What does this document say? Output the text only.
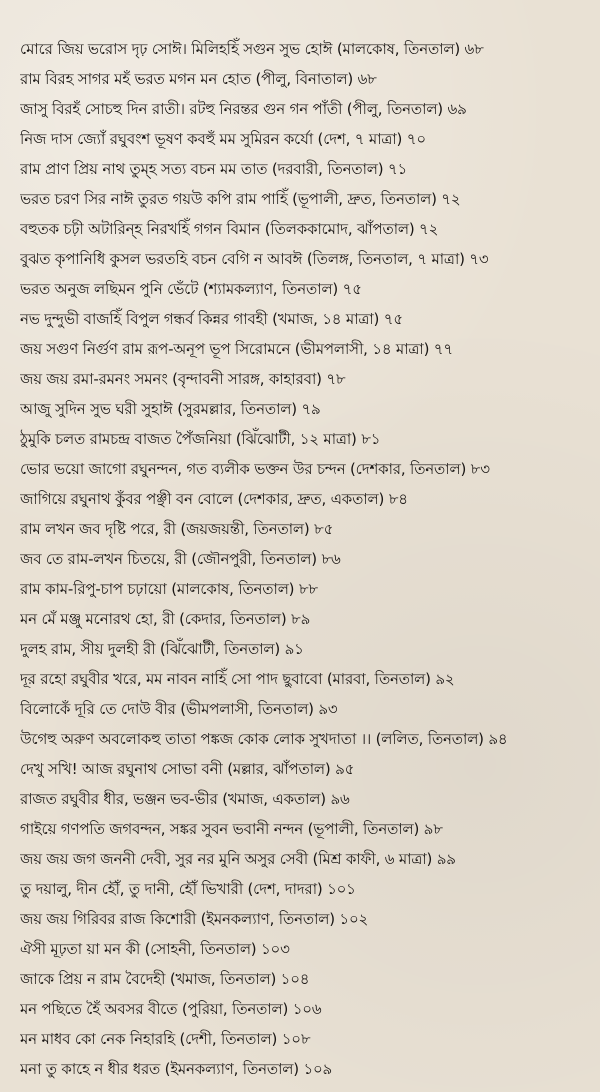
মোরে জিয় ভরোস দৃঢ় সোঈ। মিলিহহিঁ সগুন সুভ হোঈ (মালকোষ, তিনতাল) ৬৮
রাম বিরহ সাগর মহঁ ভরত মগন মন হোত (পীলু, বিনাতাল) ৬৮
জাসু বিরহঁ সোচহু দিন রাতী। রটহু নিরন্তর গুন গন পাঁতী (পীলু, তিনতাল) ৬৯
নিজ দাস জ্যোঁ রঘুবংশ ভূষণ কবহুঁ মম সুমিরন কর্যো (দেশ, ৭ মাত্রা) ৭০
রাম প্রাণ প্রিয় নাথ তুম্হ সত্য বচন মম তাত (দরবারী, তিনতাল) ৭১
ভরত চরণ সির নাঈ তুরত গয়উ কপি রাম পাহিঁ (ভূপালী, দ্রুত, তিনতাল) ৭২
বহুতক চঢ়ী অটারিন্হ নিরখহিঁ গগন বিমান (তিলককামোদ, ঝাঁপতাল) ৭২
বুঝত কৃপানিধি কুসল ভরতহি বচন বেগি ন আবঈ (তিলঙ্গ, তিনতাল, ৭ মাত্রা) ৭৩
ভরত অনুজ লছিমন পুনি ভেঁটে (শ্যামকল্যাণ, তিনতাল) ৭৫
নভ দুন্দুভী বাজহিঁ বিপুল গন্ধর্ব কিন্নর গাবহী (খমাজ, ১৪ মাত্রা) ৭৫
জয় সগুণ নির্গুণ রাম রূপ-অনূপ ভূপ সিরোমনে (ভীমপলাসী, ১৪ মাত্রা) ৭৭
জয় জয় রমা-রমনং সমনং (বৃন্দাবনী সারঙ্গ, কাহারবা) ৭৮
আজু সুদিন সুভ ঘরী সুহাঈ (সুরমল্লার, তিনতাল) ৭৯
ঠুমুকি চলত রামচন্দ্র বাজত পৈঁজনিয়া (ঝিঁঝোটী, ১২ মাত্রা) ৮১
ভোর ভয়ো জাগো রঘুনন্দন, গত ব্যলীক ভক্তন উর চন্দন (দেশকার, তিনতাল) ৮৩
জাগিয়ে রঘুনাথ কুঁবর পঞ্ছী বন বোলে (দেশকার, দ্রুত, একতাল) ৮৪
রাম লখন জব দৃষ্টি পরে, রী (জয়জয়ন্তী, তিনতাল) ৮৫
জব তে রাম-লখন চিতয়ে, রী (জৌনপুরী, তিনতাল) ৮৬
রাম কাম-রিপু-চাপ চঢ়ায়ো (মালকোষ, তিনতাল) ৮৮
মন মেঁ মঞ্জু মনোরথ হো, রী (কেদার, তিনতাল) ৮৯
দুলহ রাম, সীয় দুলহী রী (ঝিঁঝোটী, তিনতাল) ৯১
দূর রহো রঘুবীর খরে, মম নাবন নাহিঁ সো পাদ ছুবাবো (মারবা, তিনতাল) ৯২
বিলোকেঁ দূরি তে দোউ বীর (ভীমপলাসী, তিনতাল) ৯৩
উগেহু অরুণ অবলোকহু তাতা পঙ্কজ কোক লোক সুখদাতা ।। (ললিত, তিনতাল) ৯৪
দেখু সখি! আজ রঘুনাথ সোভা বনী (মল্লার, ঝাঁপতাল) ৯৫
রাজত রঘুবীর ধীর, ভঞ্জন ভব-ভীর (খমাজ, একতাল) ৯৬
গাইয়ে গণপতি জগবন্দন, সঙ্কর সুবন ভবানী নন্দন (ভূপালী, তিনতাল) ৯৮
জয় জয় জগ জননী দেবী, সুর নর মুনি অসুর সেবী (মিশ্র কাফী, ৬ মাত্রা) ৯৯
তু দয়ালু, দীন হৌঁ, তু দানী, হৌঁ ভিখারী (দেশ, দাদরা) ১০১
জয় জয় গিরিবর রাজ কিশোরী (ইমনকল্যাণ, তিনতাল) ১০২
ঐসী মূঢ়তা য়া মন কী (সোহনী, তিনতাল) ১০৩
জাকে প্রিয় ন রাম বৈদেহী (খমাজ, তিনতাল) ১০৪
মন পছিতে হৈঁ অবসর বীতে (পুরিয়া, তিনতাল) ১০৬
মন মাধব কো নেক নিহারহি (দেশী, তিনতাল) ১০৮
মনা তু কাহে ন ধীর ধরত (ইমনকল্যাণ, তিনতাল) ১০৯
